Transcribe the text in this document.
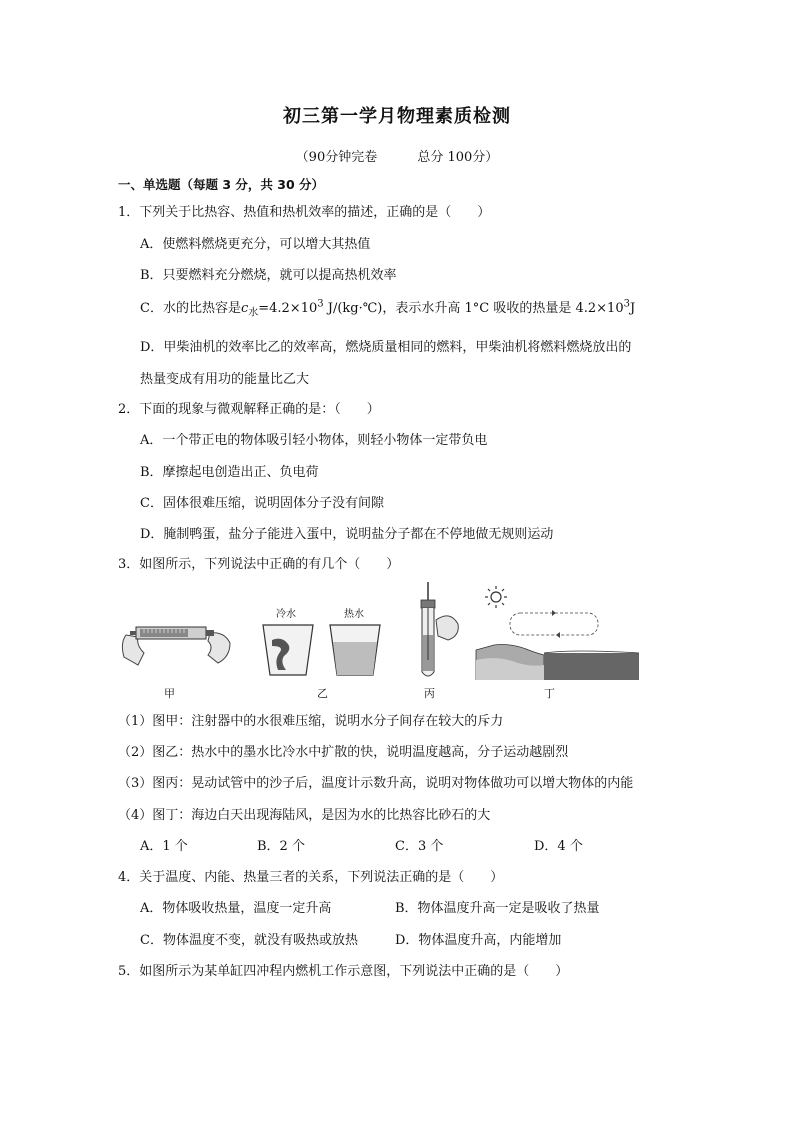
初三第一学月物理素质检测
（90分钟完卷	总分 100分）
一、单选题（每题 3 分，共 30 分）
1．下列关于比热容、热值和热机效率的描述，正确的是（　　）
A．使燃料燃烧更充分，可以增大其热值
B．只要燃料充分燃烧，就可以提高热机效率
C．水的比热容是$c_水=4.2\times 10^3$ J/(kg·℃)，表示水升高 1°C 吸收的热量是 $4.2\times 10^3J$
D．甲柴油机的效率比乙的效率高，燃烧质量相同的燃料，甲柴油机将燃料燃烧放出的
热量变成有用功的能量比乙大
2．下面的现象与微观解释正确的是：（　　）
A．一个带正电的物体吸引轻小物体，则轻小物体一定带负电
B．摩擦起电创造出正、负电荷
C．固体很难压缩，说明固体分子没有间隙
D．腌制鸭蛋，盐分子能进入蛋中，说明盐分子都在不停地做无规则运动
3．如图所示，下列说法中正确的有几个（　　）
甲
冷水	热水
乙	丙	丁
（1）图甲：注射器中的水很难压缩，说明水分子间存在较大的斥力
（2）图乙：热水中的墨水比冷水中扩散的快，说明温度越高，分子运动越剧烈
（3）图丙：晃动试管中的沙子后，温度计示数升高，说明对物体做功可以增大物体的内能
（4）图丁：海边白天出现海陆风，是因为水的比热容比砂石的大
A．1 个	B．2 个	C．3 个	D．4 个
4．关于温度、内能、热量三者的关系，下列说法正确的是（　　）
A．物体吸收热量，温度一定升高	B．物体温度升高一定是吸收了热量
C．物体温度不变，就没有吸热或放热	D．物体温度升高，内能增加
5．如图所示为某单缸四冲程内燃机工作示意图，下列说法中正确的是（　　）
